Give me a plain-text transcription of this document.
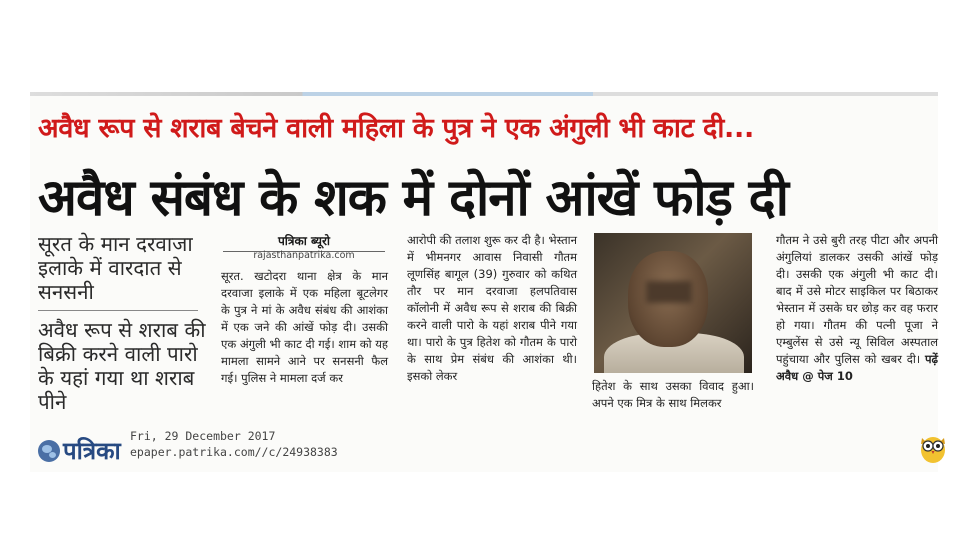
अवैध रूप से शराब बेचने वाली महिला के पुत्र ने एक अंगुली भी काट दी...
अवैध संबंध के शक में दोनों आंखें फोड़ दी
सूरत के मान दरवाजा इलाके में वारदात से सनसनी
अवैध रूप से शराब की बिक्री करने वाली पारो के यहां गया था शराब पीने
पत्रिका ब्यूरो
rajasthanpatrika.com
सूरत. खटोदरा थाना क्षेत्र के मान दरवाजा इलाके में एक महिला बूटलेगर के पुत्र ने मां के अवैध संबंध की आशंका में एक जने की आंखें फोड़ दी। उसकी एक अंगुली भी काट दी गई। शाम को यह मामला सामने आने पर सनसनी फैल गई। पुलिस ने मामला दर्ज कर
आरोपी की तलाश शुरू कर दी है। भेस्तान में भीमनगर आवास निवासी गौतम लूणसिंह बागूल (39) गुरुवार को कथित तौर पर मान दरवाजा हलपतिवास कॉलोनी में अवैध रूप से शराब की बिक्री करने वाली पारो के यहां शराब पीने गया था। पारो के पुत्र हितेश को गौतम के पारो के साथ प्रेम संबंध की आशंका थी। इसको लेकर
हितेश के साथ उसका विवाद हुआ। अपने एक मित्र के साथ मिलकर
गौतम ने उसे बुरी तरह पीटा और अपनी अंगुलियां डालकर उसकी आंखें फोड़ दी। उसकी एक अंगुली भी काट दी। बाद में उसे मोटर साइकिल पर बिठाकर भेस्तान में उसके घर छोड़ कर वह फरार हो गया। गौतम की पत्नी पूजा ने एम्बुलेंस से उसे न्यू सिविल अस्पताल पहुंचाया और पुलिस को खबर दी। पढ़ें अवैध @ पेज 10
पत्रिका
Fri, 29 December 2017
epaper.patrika.com//c/24938383
